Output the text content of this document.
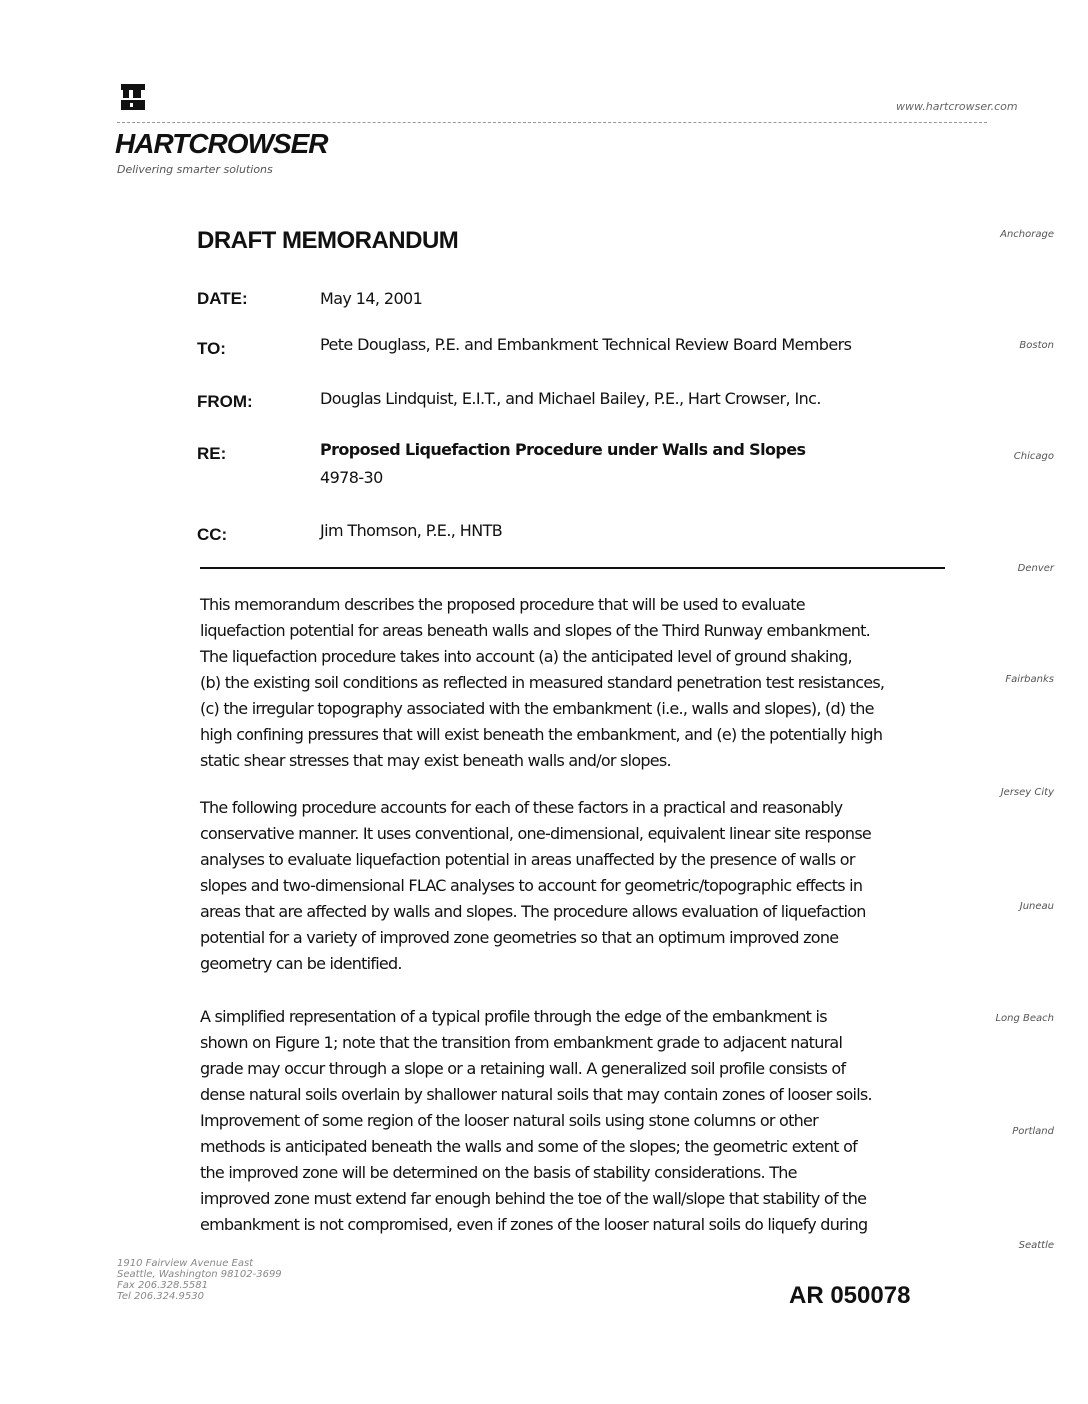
HARTCROWSER
Delivering smarter solutions
www.hartcrowser.com
DRAFT MEMORANDUM
DATE:	May 14, 2001
TO:	Pete Douglass, P.E. and Embankment Technical Review Board Members
FROM:	Douglas Lindquist, E.I.T., and Michael Bailey, P.E., Hart Crowser, Inc.
RE:	Proposed Liquefaction Procedure under Walls and Slopes
4978-30
CC:	Jim Thomson, P.E., HNTB
This memorandum describes the proposed procedure that will be used to evaluate
liquefaction potential for areas beneath walls and slopes of the Third Runway embankment.
The liquefaction procedure takes into account (a) the anticipated level of ground shaking,
(b) the existing soil conditions as reflected in measured standard penetration test resistances,
(c) the irregular topography associated with the embankment (i.e., walls and slopes), (d) the
high confining pressures that will exist beneath the embankment, and (e) the potentially high
static shear stresses that may exist beneath walls and/or slopes.
The following procedure accounts for each of these factors in a practical and reasonably
conservative manner. It uses conventional, one-dimensional, equivalent linear site response
analyses to evaluate liquefaction potential in areas unaffected by the presence of walls or
slopes and two-dimensional FLAC analyses to account for geometric/topographic effects in
areas that are affected by walls and slopes. The procedure allows evaluation of liquefaction
potential for a variety of improved zone geometries so that an optimum improved zone
geometry can be identified.
A simplified representation of a typical profile through the edge of the embankment is
shown on Figure 1; note that the transition from embankment grade to adjacent natural
grade may occur through a slope or a retaining wall. A generalized soil profile consists of
dense natural soils overlain by shallower natural soils that may contain zones of looser soils.
Improvement of some region of the looser natural soils using stone columns or other
methods is anticipated beneath the walls and some of the slopes; the geometric extent of
the improved zone will be determined on the basis of stability considerations. The
improved zone must extend far enough behind the toe of the wall/slope that stability of the
embankment is not compromised, even if zones of the looser natural soils do liquefy during
Anchorage
Boston
Chicago
Denver
Fairbanks
Jersey City
Juneau
Long Beach
Portland
Seattle
1910 Fairview Avenue East
Seattle, Washington 98102-3699
Fax 206.328.5581
Tel 206.324.9530	AR 050078
